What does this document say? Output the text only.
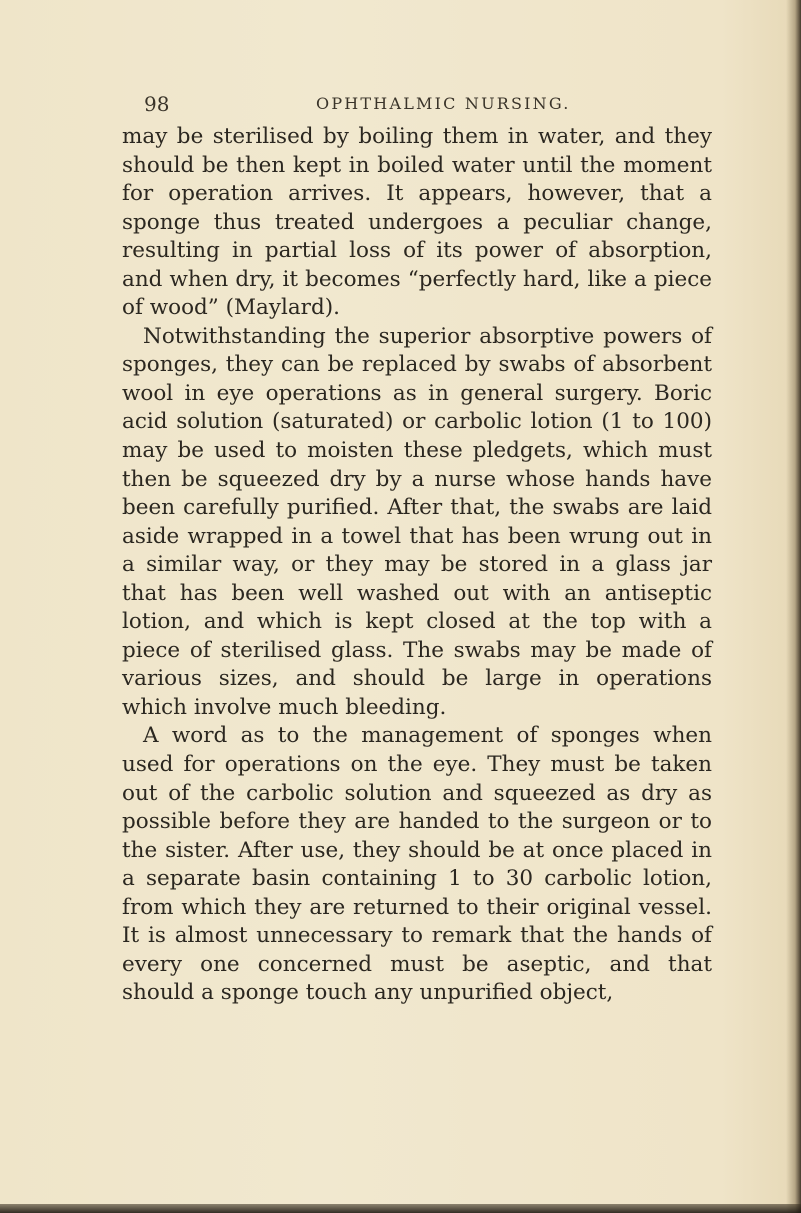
98	OPHTHALMIC NURSING.

may be sterilised by boiling them in water, and they should be then kept in boiled water until the moment for operation arrives. It appears, however, that a sponge thus treated undergoes a peculiar change, resulting in partial loss of its power of absorption, and when dry, it becomes “perfectly hard, like a piece of wood” (Maylard).

Notwithstanding the superior absorptive powers of sponges, they can be replaced by swabs of absorbent wool in eye operations as in general surgery. Boric acid solution (saturated) or carbolic lotion (1 to 100) may be used to moisten these pledgets, which must then be squeezed dry by a nurse whose hands have been carefully purified. After that, the swabs are laid aside wrapped in a towel that has been wrung out in a similar way, or they may be stored in a glass jar that has been well washed out with an antiseptic lotion, and which is kept closed at the top with a piece of sterilised glass. The swabs may be made of various sizes, and should be large in operations which involve much bleeding.

A word as to the management of sponges when used for operations on the eye. They must be taken out of the carbolic solution and squeezed as dry as possible before they are handed to the surgeon or to the sister. After use, they should be at once placed in a separate basin containing 1 to 30 carbolic lotion, from which they are returned to their original vessel. It is almost unnecessary to remark that the hands of every one concerned must be aseptic, and that should a sponge touch any unpurified object,
